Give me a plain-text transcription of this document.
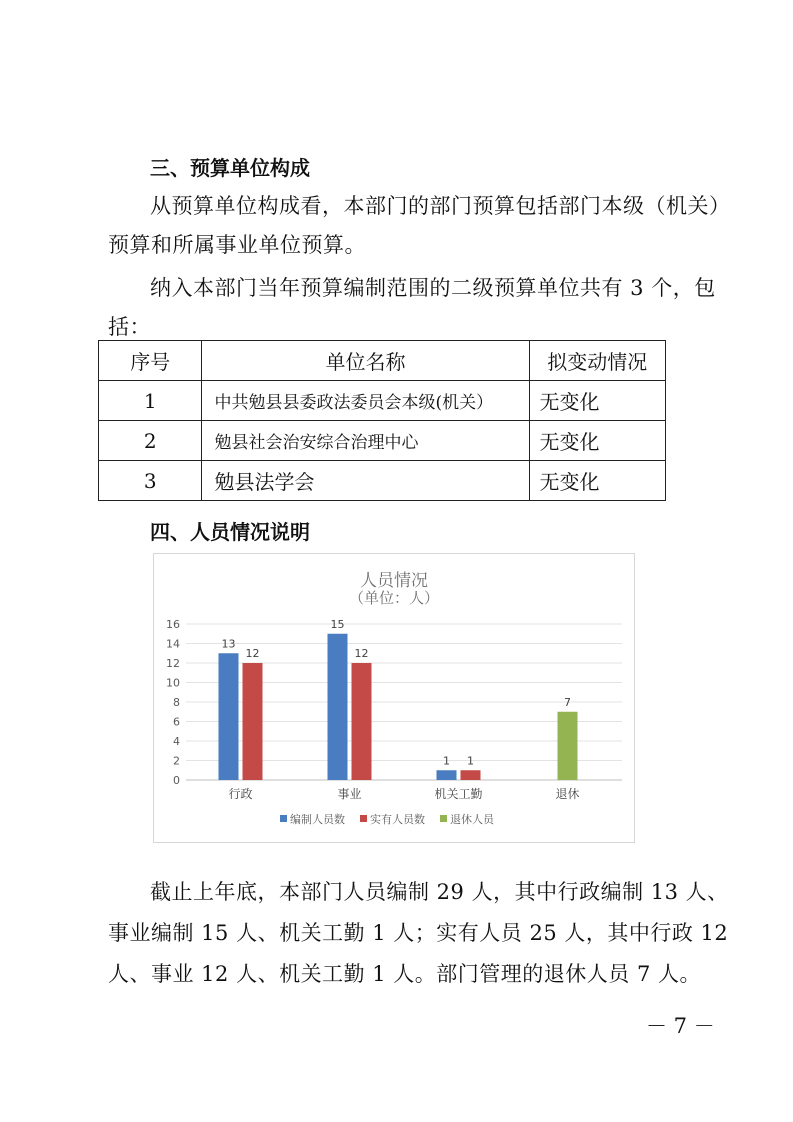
三、预算单位构成
从预算单位构成看，本部门的部门预算包括部门本级（机关）
预算和所属事业单位预算。
纳入本部门当年预算编制范围的二级预算单位共有 3 个，包
括：
序号	单位名称	拟变动情况
1	中共勉县县委政法委员会本级(机关）	无变化
2	勉县社会治安综合治理中心	无变化
3	勉县法学会	无变化
四、人员情况说明
人员情况
（单位：人）
0
2
4
6
8
10
12
14
16
13
12
行政
15
12
事业
1 1
机关工勤
7
退休
编制人员数 实有人员数 退休人员
截止上年底，本部门人员编制 29 人，其中行政编制 13 人、
事业编制 15 人、机关工勤 1 人；实有人员 25 人，其中行政 12
人、事业 12 人、机关工勤 1 人。部门管理的退休人员 7 人。
－ 7 －
